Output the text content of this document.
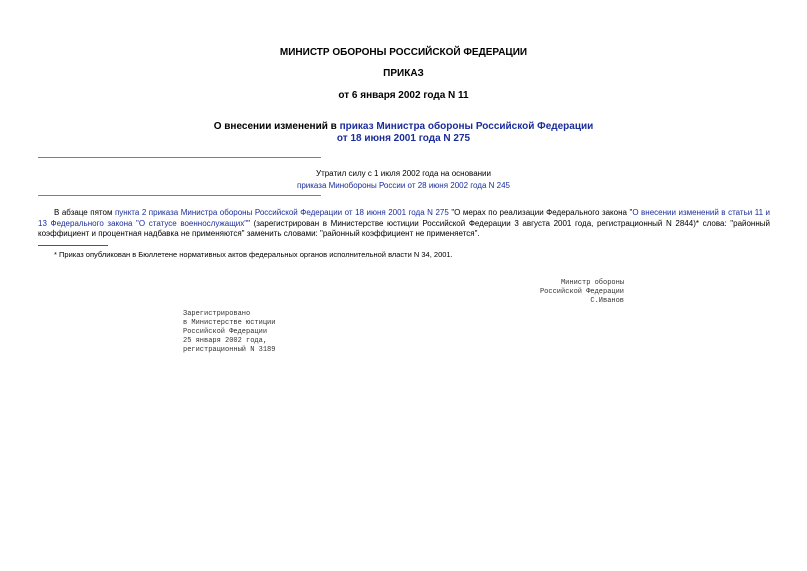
МИНИСТР ОБОРОНЫ РОССИЙСКОЙ ФЕДЕРАЦИИ
ПРИКАЗ
от 6 января 2002 года N 11
О внесении изменений в приказ Министра обороны Российской Федерации
от 18 июня 2001 года N 275
Утратил силу с 1 июля 2002 года на основании
приказа Минобороны России от 28 июня 2002 года N 245
В абзаце пятом пункта 2 приказа Министра обороны Российской Федерации от 18 июня 2001 года N 275 "О мерах по реализации Федерального закона "О внесении изменений в статьи 11 и 13 Федерального закона "О статусе военнослужащих"" (зарегистрирован в Министерстве юстиции Российской Федерации 3 августа 2001 года, регистрационный N 2844)* слова: "районный коэффициент и процентная надбавка не применяются" заменить словами: "районный коэффициент не применяется".
* Приказ опубликован в Бюллетене нормативных актов федеральных органов исполнительной власти N 34, 2001.
Министр обороны
Российской Федерации
С.Иванов
Зарегистрировано
в Министерстве юстиции
Российской Федерации
25 января 2002 года,
регистрационный N 3189
